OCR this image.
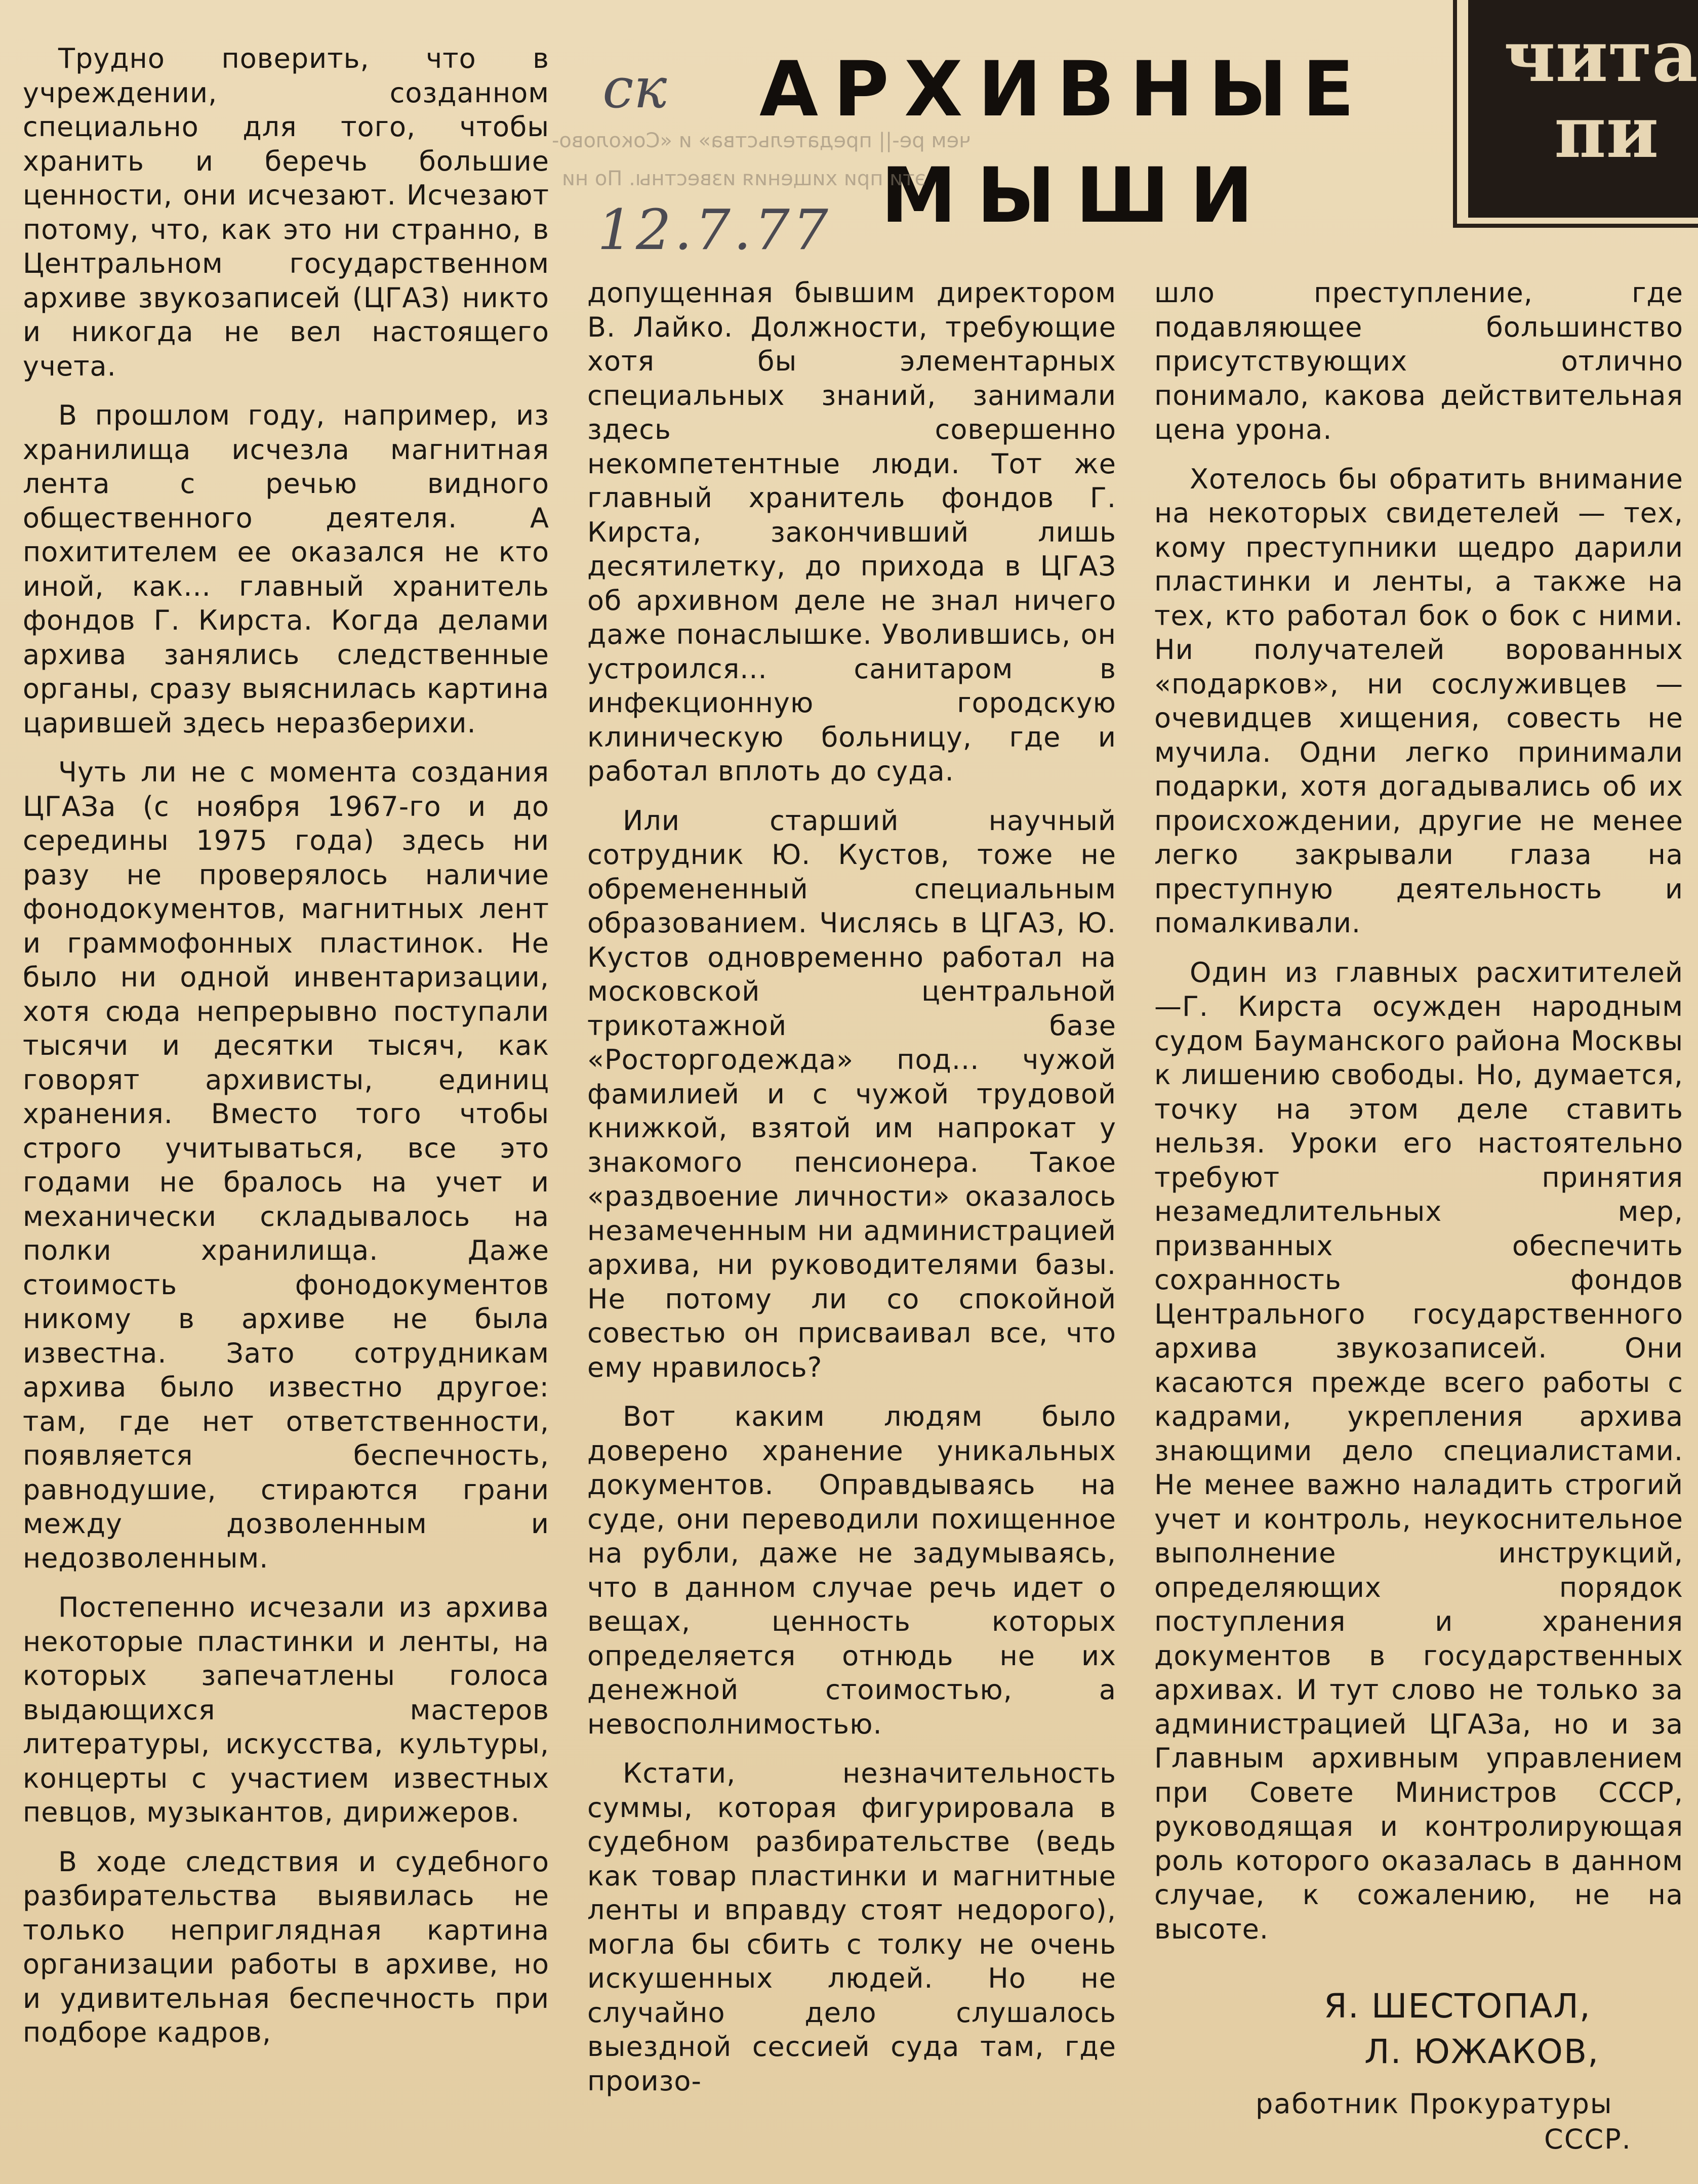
АРХИВНЫЕ
МЫШИ
ск
12.7.77
чем ре-|| предательства» и «Соколово-
эти при хищения известны. По ни
чита
пи

Трудно поверить, что в учреждении, созданном специально для того, чтобы хранить и беречь большие ценности, они исчезают. Исчезают потому, что, как это ни странно, в Центральном государственном архиве звукозаписей (ЦГАЗ) никто и никогда не вел настоящего учета.

В прошлом году, например, из хранилища исчезла магнитная лента с речью видного общественного деятеля. А похитителем ее оказался не кто иной, как... главный хранитель фондов Г. Кирста. Когда делами архива занялись следственные органы, сразу выяснилась картина царившей здесь неразберихи.

Чуть ли не с момента создания ЦГАЗа (с ноября 1967-го и до середины 1975 года) здесь ни разу не проверялось наличие фонодокументов, магнитных лент и граммофонных пластинок. Не было ни одной инвентаризации, хотя сюда непрерывно поступали тысячи и десятки тысяч, как говорят архивисты, единиц хранения. Вместо того чтобы строго учитываться, все это годами не бралось на учет и механически складывалось на полки хранилища. Даже стоимость фонодокументов никому в архиве не была известна. Зато сотрудникам архива было известно другое: там, где нет ответственности, появляется беспечность, равнодушие, стираются грани между дозволенным и недозволенным.

Постепенно исчезали из архива некоторые пластинки и ленты, на которых запечатлены голоса выдающихся мастеров литературы, искусства, культуры, концерты с участием известных певцов, музыкантов, дирижеров.

В ходе следствия и судебного разбирательства выявилась не только неприглядная картина организации работы в архиве, но и удивительная беспечность при подборе кадров,

допущенная бывшим директором В. Лайко. Должности, требующие хотя бы элементарных специальных знаний, занимали здесь совершенно некомпетентные люди. Тот же главный хранитель фондов Г. Кирста, закончивший лишь десятилетку, до прихода в ЦГАЗ об архивном деле не знал ничего даже понаслышке. Уволившись, он устроился... санитаром в инфекционную городскую клиническую больницу, где и работал вплоть до суда.

Или старший научный сотрудник Ю. Кустов, тоже не обремененный специальным образованием. Числясь в ЦГАЗ, Ю. Кустов одновременно работал на московской центральной трикотажной базе «Росторгодежда» под... чужой фамилией и с чужой трудовой книжкой, взятой им напрокат у знакомого пенсионера. Такое «раздвоение личности» оказалось незамеченным ни администрацией архива, ни руководителями базы. Не потому ли со спокойной совестью он присваивал все, что ему нравилось?

Вот каким людям было доверено хранение уникальных документов. Оправдываясь на суде, они переводили похищенное на рубли, даже не задумываясь, что в данном случае речь идет о вещах, ценность которых определяется отнюдь не их денежной стоимостью, а невосполнимостью.

Кстати, незначительность суммы, которая фигурировала в судебном разбирательстве (ведь как товар пластинки и магнитные ленты и вправду стоят недорого), могла бы сбить с толку не очень искушенных людей. Но не случайно дело слушалось выездной сессией суда там, где произо-

шло преступление, где подавляющее большинство присутствующих отлично понимало, какова действительная цена урона.

Хотелось бы обратить внимание на некоторых свидетелей — тех, кому преступники щедро дарили пластинки и ленты, а также на тех, кто работал бок о бок с ними. Ни получателей ворованных «подарков», ни сослуживцев — очевидцев хищения, совесть не мучила. Одни легко принимали подарки, хотя догадывались об их происхождении, другие не менее легко закрывали глаза на преступную деятельность и помалкивали.

Один из главных расхитителей—Г. Кирста осужден народным судом Бауманского района Москвы к лишению свободы. Но, думается, точку на этом деле ставить нельзя. Уроки его настоятельно требуют принятия незамедлительных мер, призванных обеспечить сохранность фондов Центрального государственного архива звукозаписей. Они касаются прежде всего работы с кадрами, укрепления архива знающими дело специалистами. Не менее важно наладить строгий учет и контроль, неукоснительное выполнение инструкций, определяющих порядок поступления и хранения документов в государственных архивах. И тут слово не только за администрацией ЦГАЗа, но и за Главным архивным управлением при Совете Министров СССР, руководящая и контролирующая роль которого оказалась в данном случае, к сожалению, не на высоте.

Я. ШЕСТОПАЛ,
Л. ЮЖАКОВ,
работник Прокуратуры
СССР.
